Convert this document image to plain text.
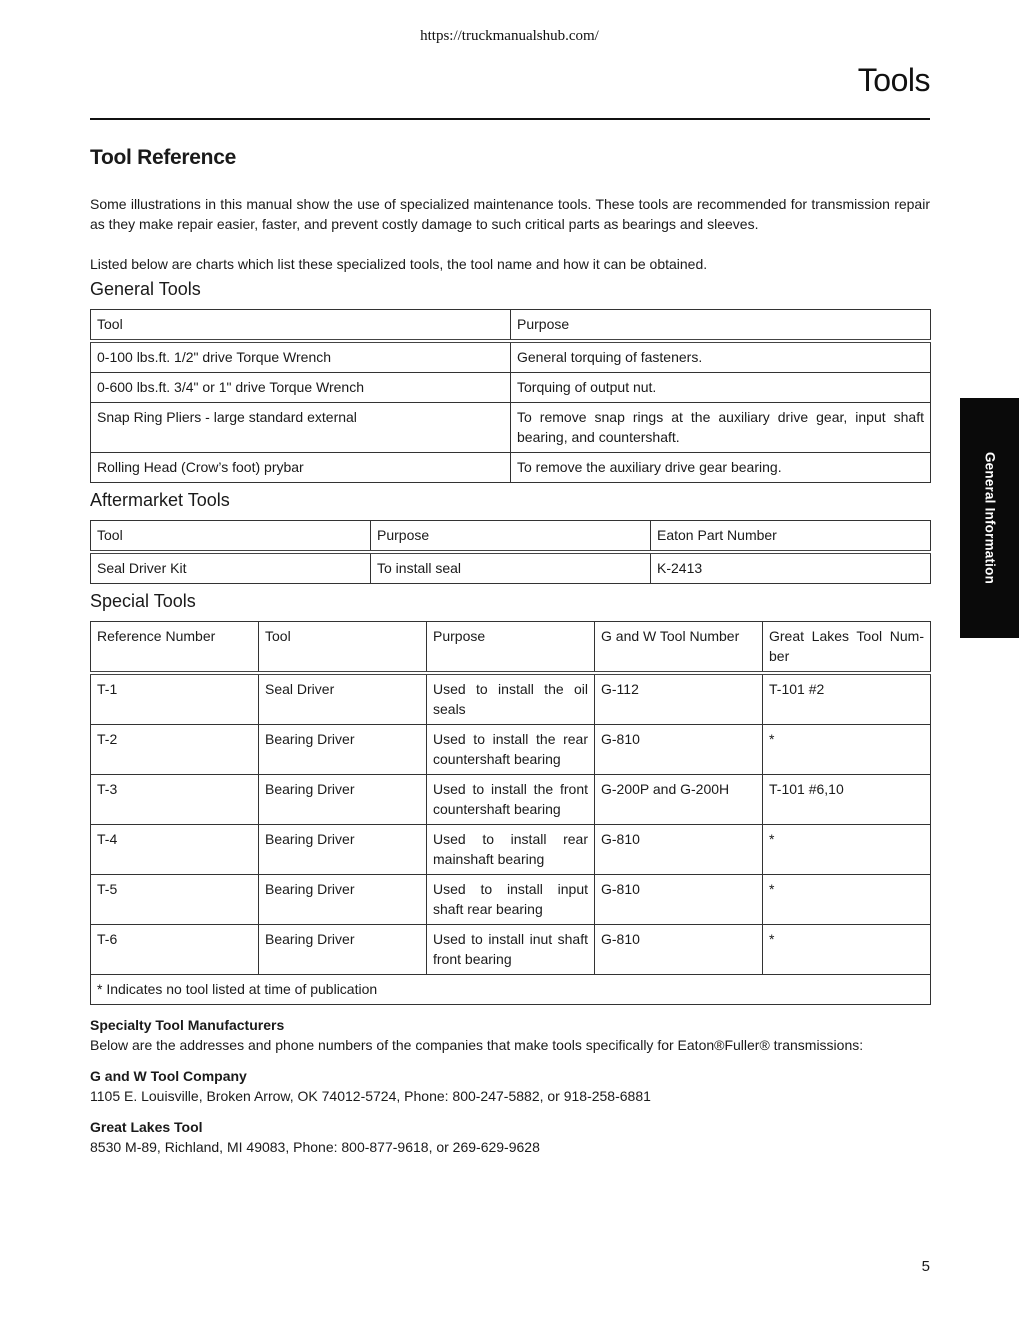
https://truckmanualshub.com/
Tools
General Information
Tool Reference

Some illustrations in this manual show the use of specialized maintenance tools. These tools are recommended for transmission repair as they make repair easier, faster, and prevent costly damage to such critical parts as bearings and sleeves.

Listed below are charts which list these specialized tools, the tool name and how it can be obtained.

General Tools
Tool	Purpose
0-100 lbs.ft. 1/2" drive Torque Wrench	General torquing of fasteners.
0-600 lbs.ft. 3/4" or 1" drive Torque Wrench	Torquing of output nut.
Snap Ring Pliers - large standard external	To remove snap rings at the auxiliary drive gear, input shaft bearing, and countershaft.
Rolling Head (Crow’s foot) prybar	To remove the auxiliary drive gear bearing.
Aftermarket Tools
Tool	Purpose	Eaton Part Number
Seal Driver Kit	To install seal	K-2413
Special Tools
Reference Number	Tool	Purpose	G and W Tool Number	Great Lakes Tool Num- ber
T-1	Seal Driver	Used to install the oil seals	G-112	T-101 #2
T-2	Bearing Driver	Used to install the rear countershaft bearing	G-810	*
T-3	Bearing Driver	Used to install the front countershaft bearing	G-200P and G-200H	T-101 #6,10
T-4	Bearing Driver	Used to install rear mainshaft bearing	G-810	*
T-5	Bearing Driver	Used to install input shaft rear bearing	G-810	*
T-6	Bearing Driver	Used to install inut shaft front bearing	G-810	*
* Indicates no tool listed at time of publication				

Specialty Tool Manufacturers

Below are the addresses and phone numbers of the companies that make tools specifically for Eaton®Fuller® transmissions:

G and W Tool Company

1105 E. Louisville, Broken Arrow, OK 74012-5724, Phone: 800-247-5882, or 918-258-6881

Great Lakes Tool

8530 M-89, Richland, MI 49083, Phone: 800-877-9618, or 269-629-9628

5
